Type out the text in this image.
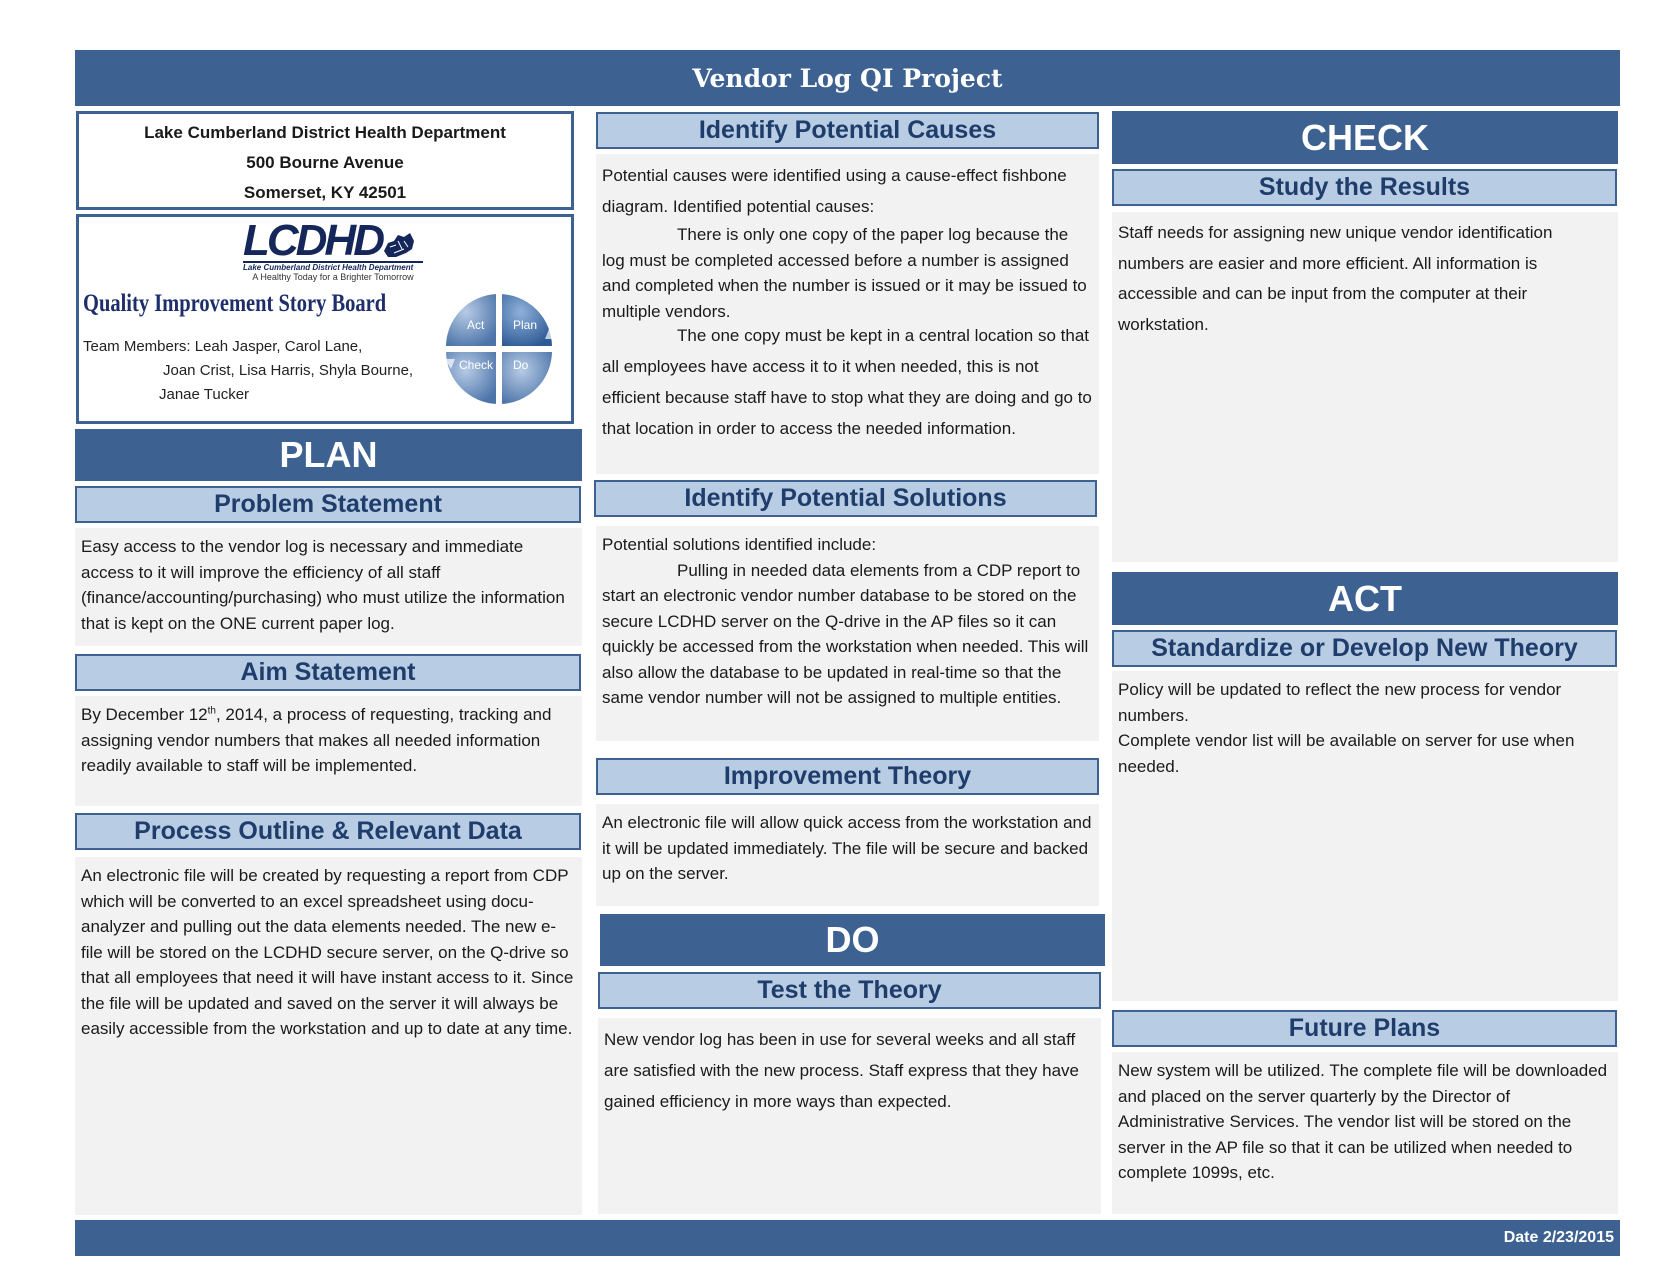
Vendor Log QI Project
Lake Cumberland District Health Department
500 Bourne Avenue
Somerset, KY 42501
LCDHD
Lake Cumberland District Health Department
A Healthy Today for a Brighter Tomorrow
Quality Improvement Story Board
Team Members: Leah Jasper, Carol Lane,
Joan Crist, Lisa Harris, Shyla Bourne,
Janae Tucker
Act Plan
Check Do
PLAN
Problem Statement

Easy access to the vendor log is necessary and immediate access to it will improve the efficiency of all staff (finance/accounting/purchasing) who must utilize the information that is kept on the ONE current paper log.

Aim Statement

By December 12th, 2014, a process of requesting, tracking and assigning vendor numbers that makes all needed information readily available to staff will be implemented.

Process Outline & Relevant Data

An electronic file will be created by requesting a report from CDP which will be converted to an excel spreadsheet using docu-analyzer and pulling out the data elements needed. The new e-file will be stored on the LCDHD secure server, on the Q-drive so that all employees that need it will have instant access to it. Since the file will be updated and saved on the server it will always be easily accessible from the workstation and up to date at any time.

Identify Potential Causes

Potential causes were identified using a cause-effect fishbone diagram. Identified potential causes:

There is only one copy of the paper log because the log must be completed accessed before a number is assigned and completed when the number is issued or it may be issued to multiple vendors.

The one copy must be kept in a central location so that all employees have access it to it when needed, this is not efficient because staff have to stop what they are doing and go to that location in order to access the needed information.

Identify Potential Solutions

Potential solutions identified include:

Pulling in needed data elements from a CDP report to start an electronic vendor number database to be stored on the secure LCDHD server on the Q-drive in the AP files so it can quickly be accessed from the workstation when needed. This will also allow the database to be updated in real-time so that the same vendor number will not be assigned to multiple entities.

Improvement Theory

An electronic file will allow quick access from the workstation and it will be updated immediately. The file will be secure and backed up on the server.

DO
Test the Theory

New vendor log has been in use for several weeks and all staff are satisfied with the new process. Staff express that they have gained efficiency in more ways than expected.

CHECK
Study the Results

Staff needs for assigning new unique vendor identification numbers are easier and more efficient. All information is accessible and can be input from the computer at their workstation.

ACT
Standardize or Develop New Theory

Policy will be updated to reflect the new process for vendor numbers.

Complete vendor list will be available on server for use when needed.

Future Plans

New system will be utilized. The complete file will be downloaded and placed on the server quarterly by the Director of Administrative Services. The vendor list will be stored on the server in the AP file so that it can be utilized when needed to complete 1099s, etc.

Date 2/23/2015
